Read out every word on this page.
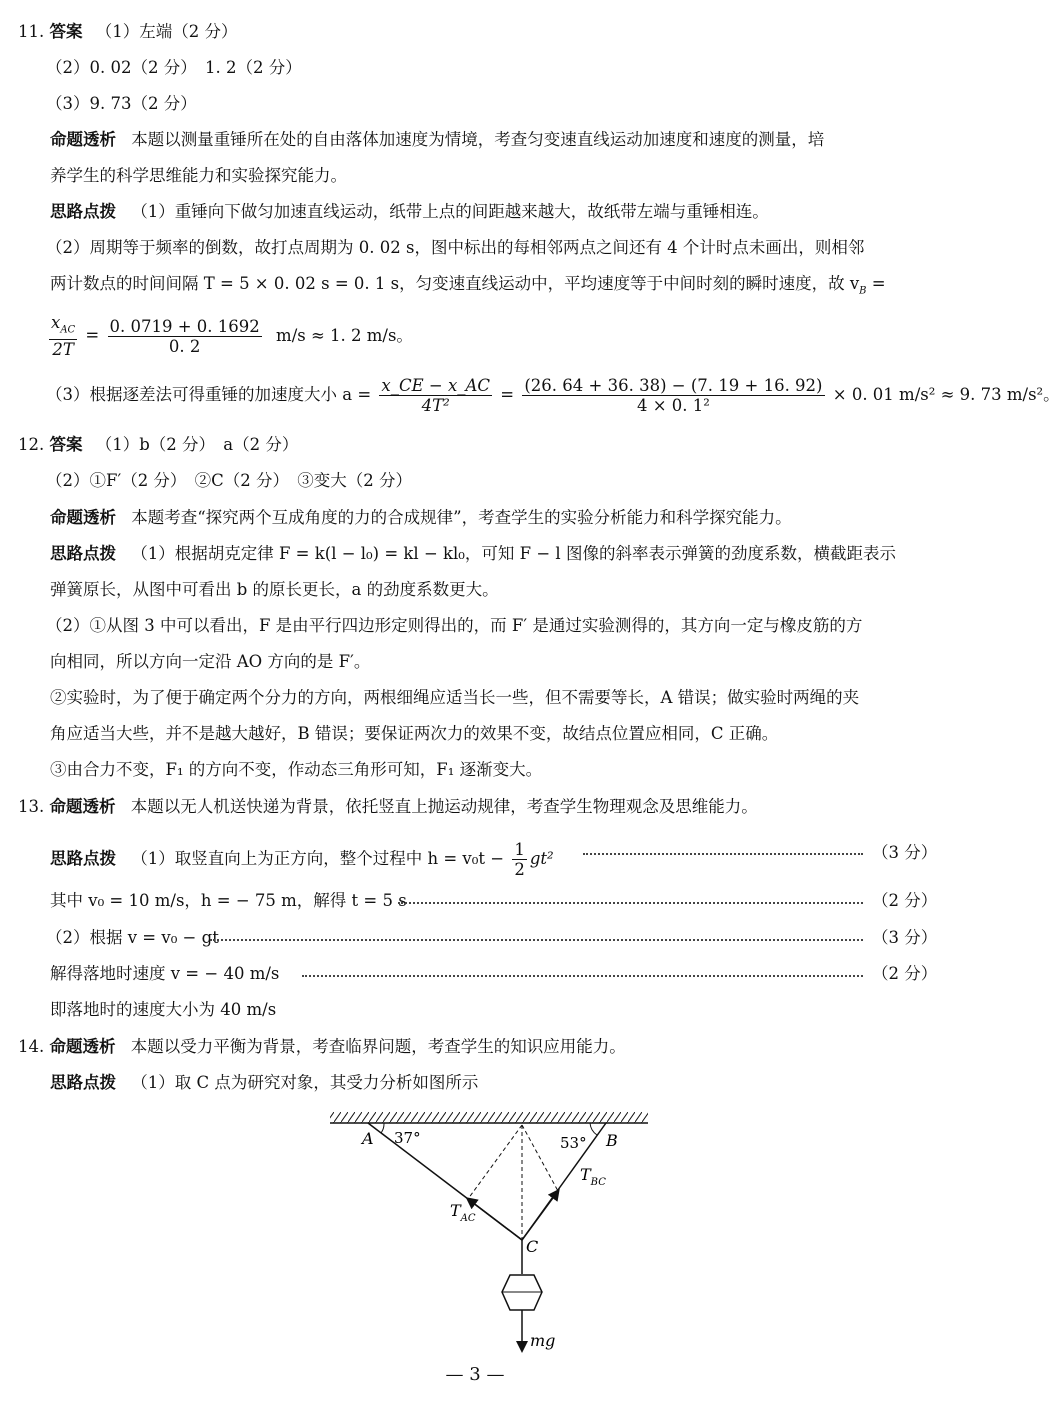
11. 答案 （1）左端（2 分）
（2）0. 02（2 分）　1. 2（2 分）
（3）9. 73（2 分）
命题透析 本题以测量重锤所在处的自由落体加速度为情境，考查匀变速直线运动加速度和速度的测量，培
养学生的科学思维能力和实验探究能力。
思路点拨 （1）重锤向下做匀加速直线运动，纸带上点的间距越来越大，故纸带左端与重锤相连。
（2）周期等于频率的倒数，故打点周期为 0. 02 s，图中标出的每相邻两点之间还有 4 个计时点未画出，则相邻
两计数点的时间间隔 T = 5 × 0. 02 s = 0. 1 s，匀变速直线运动中，平均速度等于中间时刻的瞬时速度，故 $v_B$ =
$\frac{x_{AC}}{2T} = \frac{0. 0719 + 0. 1692}{0. 2} m/s \approx 1$. 2 m/s。
（3）根据逐差法可得重锤的加速度大小 $a = \frac{x\_CE - x\_AC}{\text{4T²}} = \frac{(26. 64 + 36. 38) - (7. 19 + 16. 92)}{\text{4 × 0. 1²}} \times 0$. 01 m/s² ≈ 9. 73 m/s²。
12. 答案 （1）b（2 分）　a（2 分）
（2）①F′（2 分）　②C（2 分）　③变大（2 分）
命题透析 本题考查“探究两个互成角度的力的合成规律”，考查学生的实验分析能力和科学探究能力。
思路点拨 （1）根据胡克定律 F = k(l − l₀) = kl − kl₀，可知 F − l 图像的斜率表示弹簧的劲度系数，横截距表示
弹簧原长，从图中可看出 b 的原长更长，a 的劲度系数更大。
（2）①从图 3 中可以看出，F 是由平行四边形定则得出的，而 F′ 是通过实验测得的，其方向一定与橡皮筋的方
向相同，所以方向一定沿 AO 方向的是 F′。
②实验时，为了便于确定两个分力的方向，两根细绳应适当长一些，但不需要等长，A 错误；做实验时两绳的夹
角应适当大些，并不是越大越好，B 错误；要保证两次力的效果不变，故结点位置应相同，C 正确。
③由合力不变，F₁ 的方向不变，作动态三角形可知，F₁ 逐渐变大。
13. 命题透析 本题以无人机送快递为背景，依托竖直上抛运动规律，考查学生物理观念及思维能力。
思路点拨 （1）取竖直向上为正方向，整个过程中 $h = v_0t - \frac{1}{2} gt^2$	（3 分）
其中 v₀ = 10 m/s，h = − 75 m，解得 t = 5 s	（2 分）
（2）根据 v = v₀ − gt	（3 分）
解得落地时速度 v = − 40 m/s	（2 分）
即落地时的速度大小为 40 m/s
14. 命题透析 本题以受力平衡为背景，考查临界问题，考查学生的知识应用能力。
思路点拨 （1）取 C 点为研究对象，其受力分析如图所示
A 37°	53° B
$T_{BC}$
$T_{AC}$
C
mg
— 3 —
